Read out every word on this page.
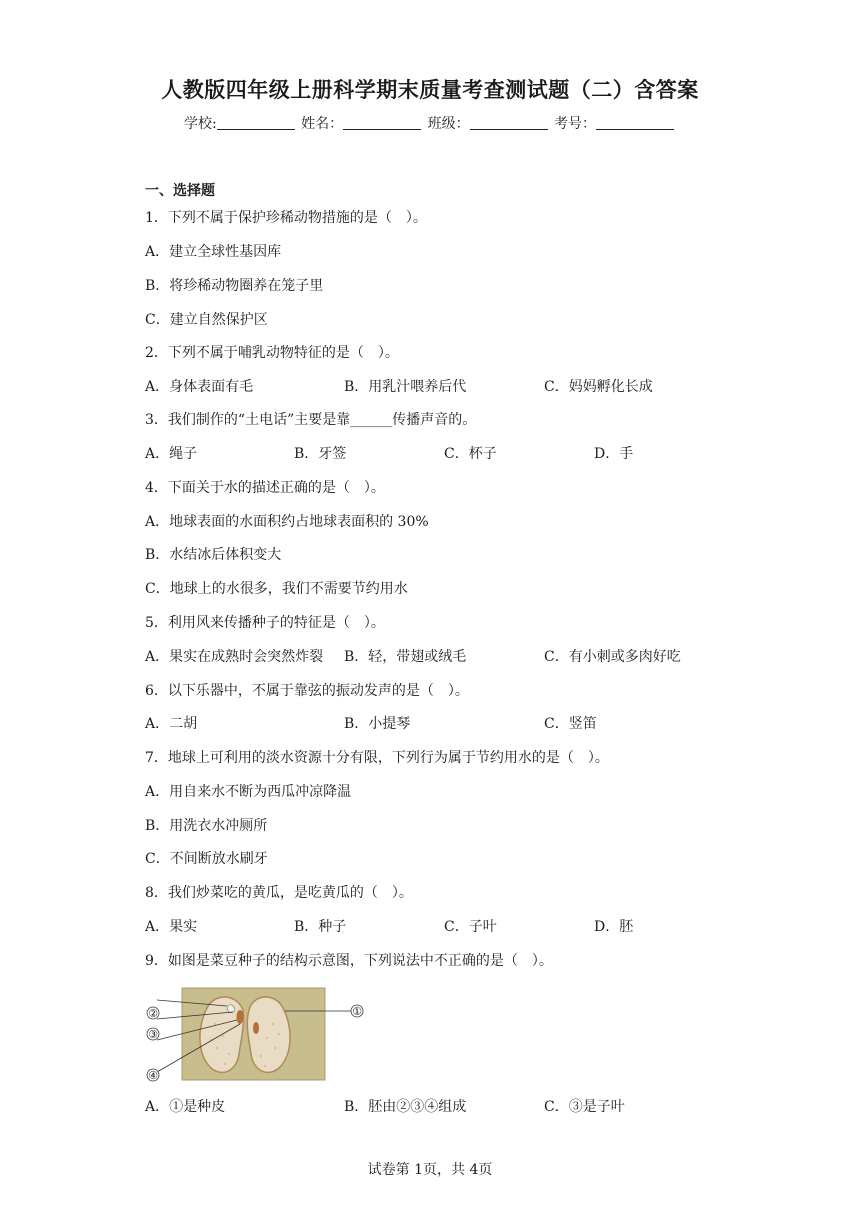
人教版四年级上册科学期末质量考查测试题（二）含答案
学校:	姓名：	班级：	考号：
一、选择题
1．下列不属于保护珍稀动物措施的是（　）。
A．建立全球性基因库
B．将珍稀动物圈养在笼子里
C．建立自然保护区
2．下列不属于哺乳动物特征的是（　）。
A．身体表面有毛	B．用乳汁喂养后代	C．妈妈孵化长成
3．我们制作的“土电话”主要是靠______传播声音的。
A．绳子	B．牙签	C．杯子	D．手
4．下面关于水的描述正确的是（　）。
A．地球表面的水面积约占地球表面积的 30%
B．水结冰后体积变大
C．地球上的水很多，我们不需要节约用水
5．利用风来传播种子的特征是（　）。
A．果实在成熟时会突然炸裂 B．轻，带翅或绒毛	C．有小刺或多肉好吃
6．以下乐器中，不属于靠弦的振动发声的是（　）。
A．二胡	B．小提琴	C．竖笛
7．地球上可利用的淡水资源十分有限，下列行为属于节约用水的是（　）。
A．用自来水不断为西瓜冲凉降温
B．用洗衣水冲厕所
C．不间断放水刷牙
8．我们炒菜吃的黄瓜，是吃黄瓜的（　）。
A．果实	B．种子	C．子叶	D．胚
9．如图是菜豆种子的结构示意图，下列说法中不正确的是（　）。
②
③
④
①
A．①是种皮	B．胚由②③④组成	C．③是子叶
试卷第 1页，共 4页
